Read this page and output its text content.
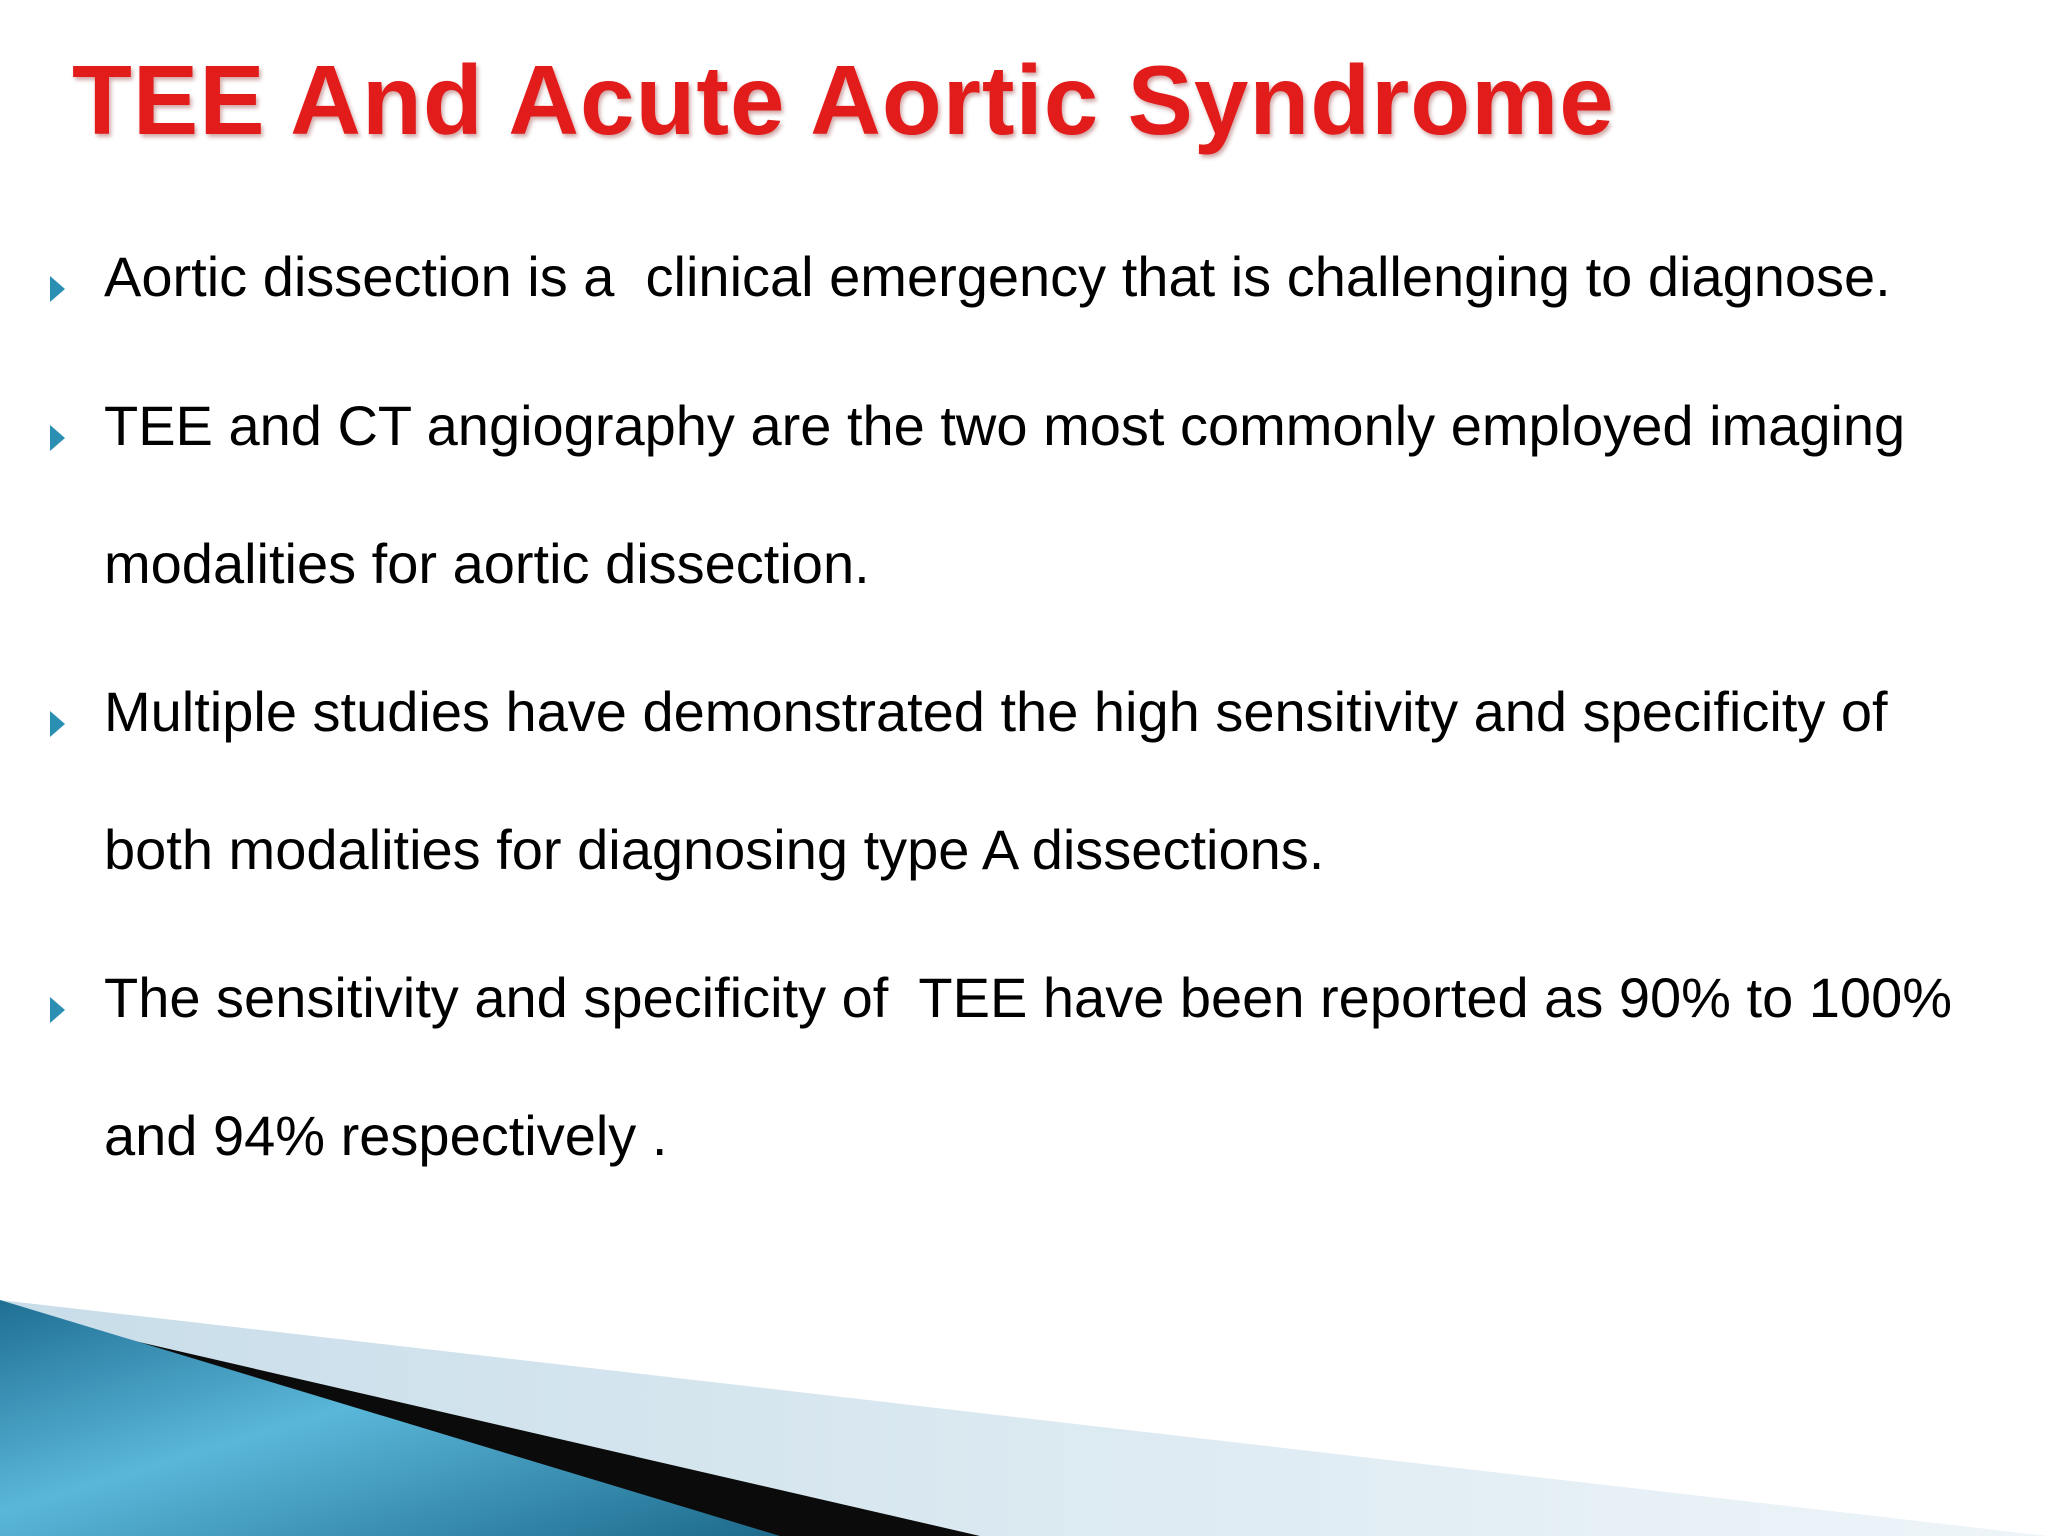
TEE And Acute Aortic Syndrome
Aortic dissection is a  clinical emergency that is challenging to diagnose.
TEE and CT angiography are the two most commonly employed imaging
modalities for aortic dissection.
Multiple studies have demonstrated the high sensitivity and specificity of
both modalities for diagnosing type A dissections.
The sensitivity and specificity of  TEE have been reported as 90% to 100%
and 94% respectively .
